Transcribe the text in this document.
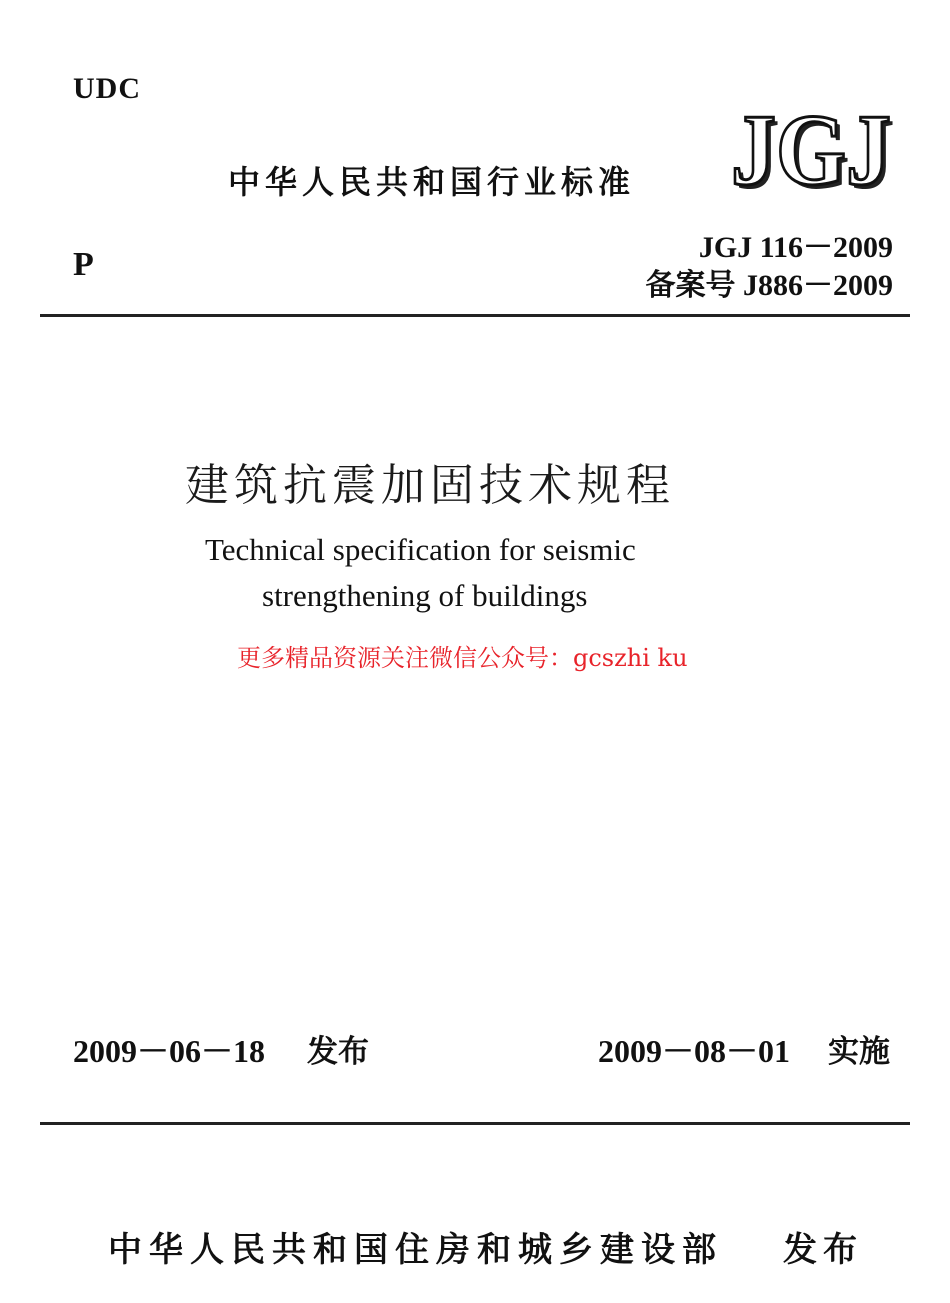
UDC
P
中华人民共和国行业标准 JGJ
JGJ
JGJ 116－2009
备案号 J886－2009
建筑抗震加固技术规程
Technical specification for seismic
strengthening of buildings
更多精品资源关注微信公众号：gcszhi ku
2009－06－18 发布	2009－08－01 实施
中华人民共和国住房和城乡建设部 发布
